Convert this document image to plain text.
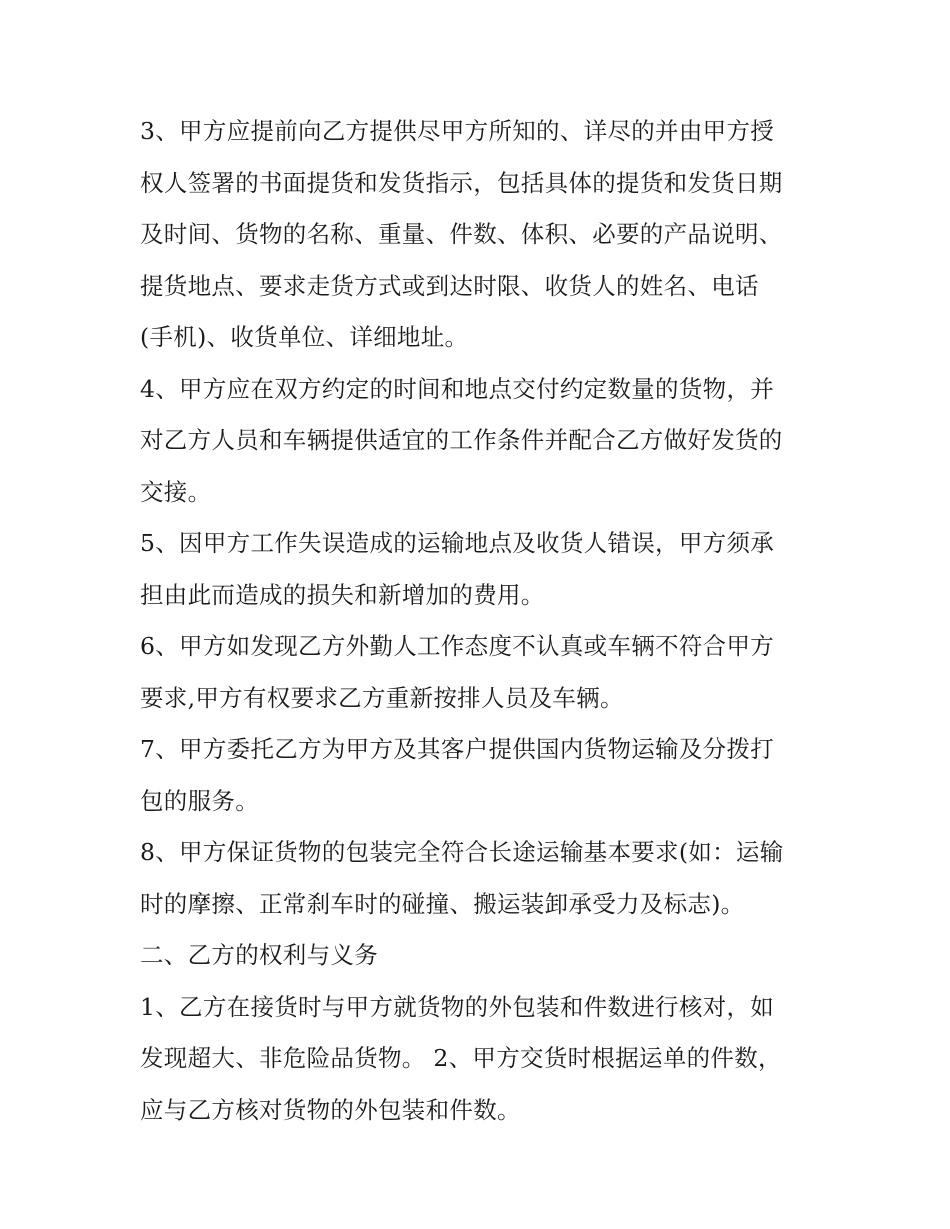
3、甲方应提前向乙方提供尽甲方所知的、详尽的并由甲方授
权人签署的书面提货和发货指示，包括具体的提货和发货日期
及时间、货物的名称、重量、件数、体积、必要的产品说明、
提货地点、要求走货方式或到达时限、收货人的姓名、电话
(手机)、收货单位、详细地址。
4、甲方应在双方约定的时间和地点交付约定数量的货物，并
对乙方人员和车辆提供适宜的工作条件并配合乙方做好发货的
交接。
5、因甲方工作失误造成的运输地点及收货人错误，甲方须承
担由此而造成的损失和新增加的费用。
6、甲方如发现乙方外勤人工作态度不认真或车辆不符合甲方
要求,甲方有权要求乙方重新按排人员及车辆。
7、甲方委托乙方为甲方及其客户提供国内货物运输及分拨打
包的服务。
8、甲方保证货物的包装完全符合长途运输基本要求(如：运输
时的摩擦、正常刹车时的碰撞、搬运装卸承受力及标志)。
二、乙方的权利与义务
1、乙方在接货时与甲方就货物的外包装和件数进行核对，如
发现超大、非危险品货物。 2、甲方交货时根据运单的件数，
应与乙方核对货物的外包装和件数。
